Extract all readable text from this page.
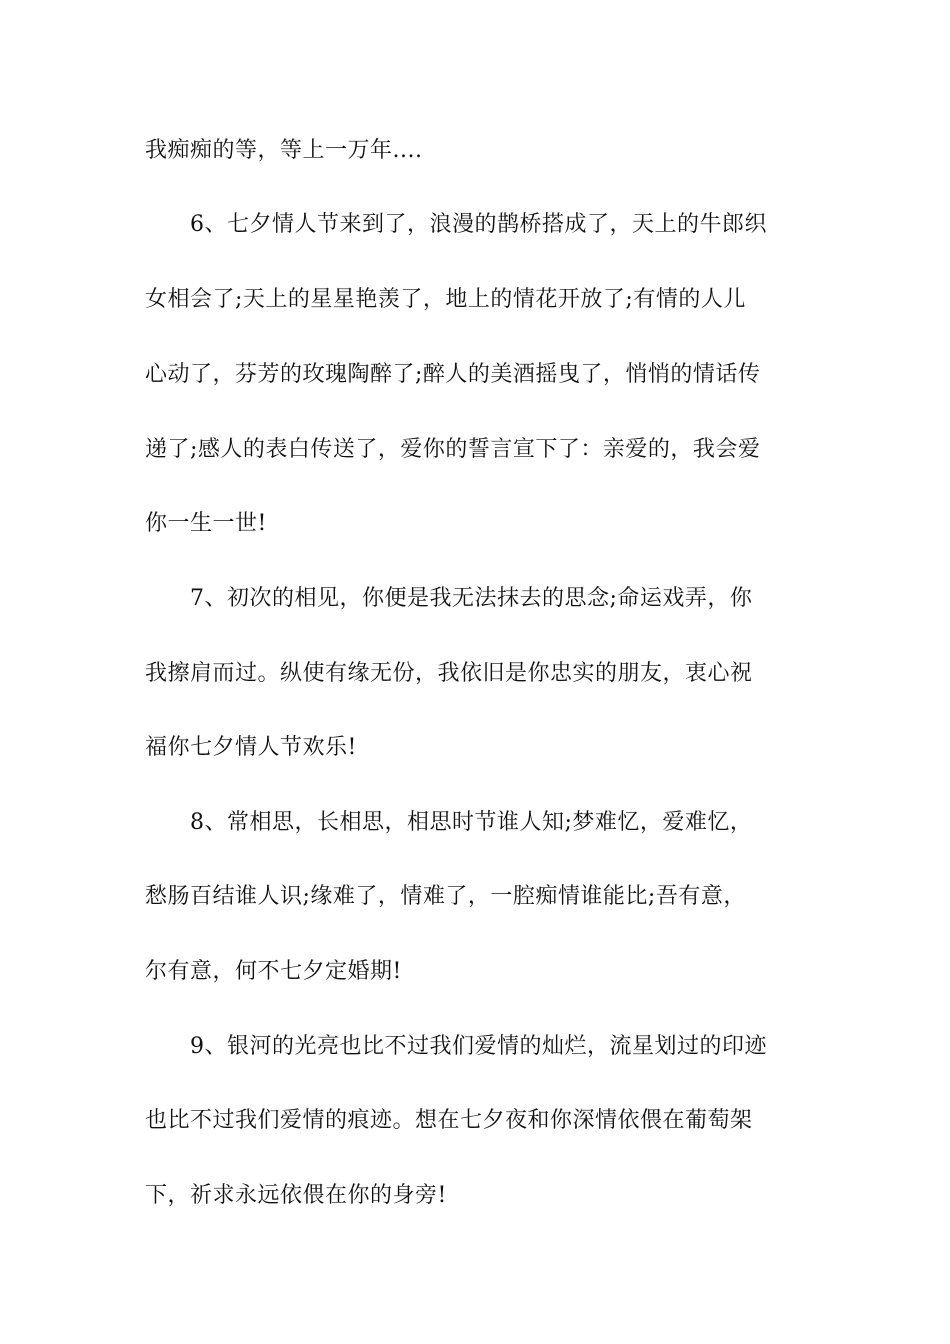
我痴痴的等，等上一万年....
6、七夕情人节来到了，浪漫的鹊桥搭成了，天上的牛郎织
女相会了;天上的星星艳羡了，地上的情花开放了;有情的人儿
心动了，芬芳的玫瑰陶醉了;醉人的美酒摇曳了，悄悄的情话传
递了;感人的表白传送了，爱你的誓言宣下了：亲爱的，我会爱
你一生一世!
7、初次的相见，你便是我无法抹去的思念;命运戏弄，你
我擦肩而过。纵使有缘无份，我依旧是你忠实的朋友，衷心祝
福你七夕情人节欢乐!
8、常相思，长相思，相思时节谁人知;梦难忆，爱难忆，
愁肠百结谁人识;缘难了，情难了，一腔痴情谁能比;吾有意，
尔有意，何不七夕定婚期!
9、银河的光亮也比不过我们爱情的灿烂，流星划过的印迹
也比不过我们爱情的痕迹。想在七夕夜和你深情依偎在葡萄架
下，祈求永远依偎在你的身旁!
